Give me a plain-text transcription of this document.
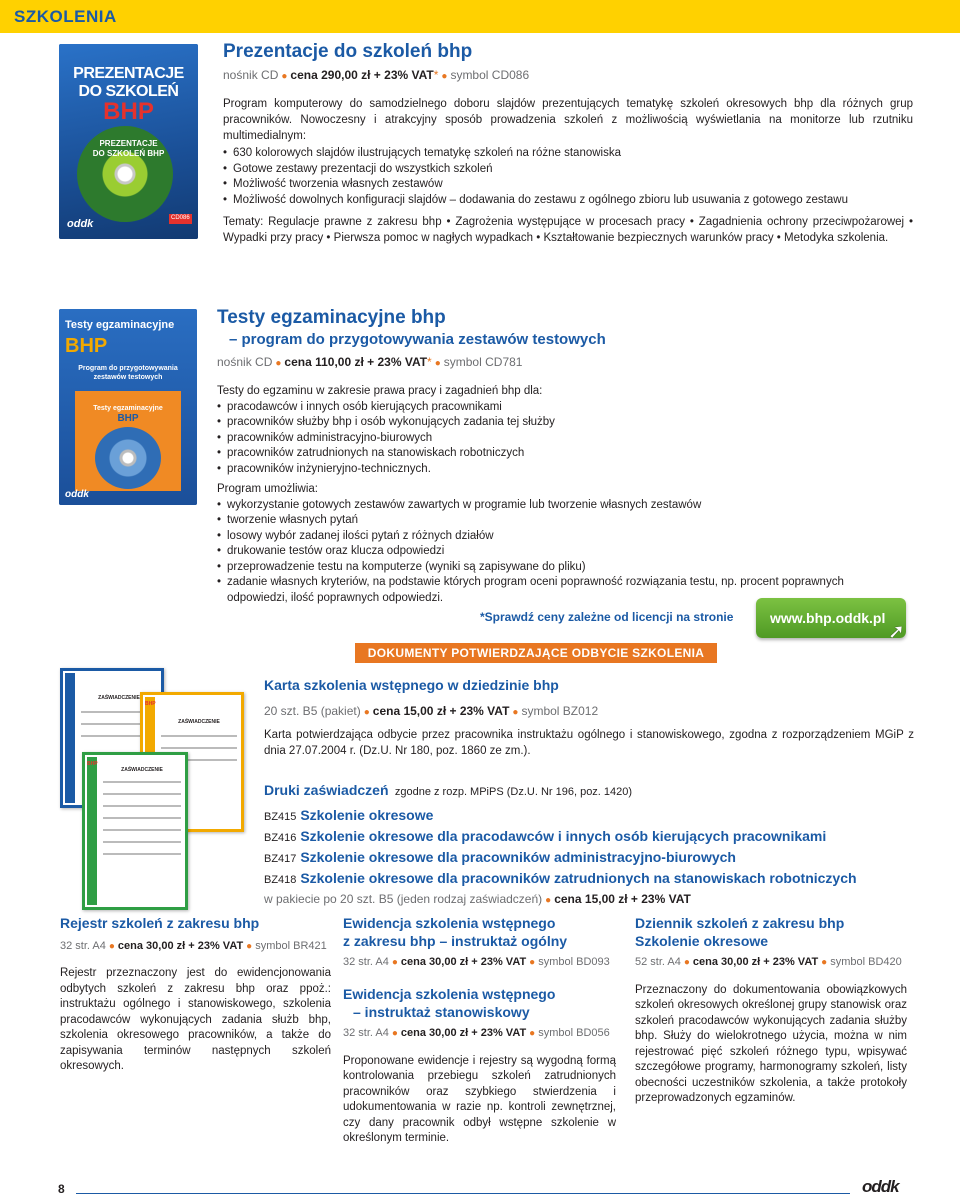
SZKOLENIA
PREZENTACJE
DO SZKOLEŃ
BHP
PREZENTACJE
DO SZKOLEŃ BHP
CD086
oddk
Prezentacje do szkoleń bhp
nośnik CD ● cena 290,00 zł + 23% VAT* ● symbol CD086

Program komputerowy do samodzielnego doboru slajdów prezentujących tematykę szkoleń okresowych bhp dla różnych grup pracowników. Nowoczesny i atrakcyjny sposób prowadzenia szkoleń z możliwością wyświetlania na monitorze lub rzutniku multimedialnym:

• 630 kolorowych slajdów ilustrujących tematykę szkoleń na różne stanowiska
• Gotowe zestawy prezentacji do wszystkich szkoleń
• Możliwość tworzenia własnych zestawów
• Możliwość dowolnych konfiguracji slajdów – dodawania do zestawu z ogólnego zbioru lub usuwania z gotowego zestawu

Tematy: Regulacje prawne z zakresu bhp • Zagrożenia występujące w procesach pracy • Zagadnienia ochrony przeciwpożarowej • Wypadki przy pracy • Pierwsza pomoc w nagłych wypadkach • Kształtowanie bezpiecznych warunków pracy • Metodyka szkolenia.

Testy egzaminacyjne
BHP
Program do przygotowywania
zestawów testowych
Testy egzaminacyjne
BHP
oddk
Testy egzaminacyjne bhp
– program do przygotowywania zestawów testowych
nośnik CD ● cena 110,00 zł + 23% VAT* ● symbol CD781

Testy do egzaminu w zakresie prawa pracy i zagadnień bhp dla:

• pracodawców i innych osób kierujących pracownikami
• pracowników służby bhp i osób wykonujących zadania tej służby
• pracowników administracyjno-biurowych
• pracowników zatrudnionych na stanowiskach robotniczych
• pracowników inżynieryjno-technicznych.

Program umożliwia:

• wykorzystanie gotowych zestawów zawartych w programie lub tworzenie własnych zestawów
• tworzenie własnych pytań
• losowy wybór zadanej ilości pytań z różnych działów
• drukowanie testów oraz klucza odpowiedzi
• przeprowadzenie testu na komputerze (wyniki są zapisywane do pliku)
• zadanie własnych kryteriów, na podstawie których program oceni poprawność rozwiązania testu, np. procent poprawnych odpowiedzi, ilość poprawnych odpowiedzi.
*Sprawdź ceny zależne od licencji na stronie	www.bhp.oddk.pl
➚
DOKUMENTY POTWIERDZAJĄCE ODBYCIE SZKOLENIA
ZAŚWIADCZENIE
BHP
ZAŚWIADCZENIE
BHP
ZAŚWIADCZENIE
Karta szkolenia wstępnego w dziedzinie bhp
20 szt. B5 (pakiet) ● cena 15,00 zł + 23% VAT ● symbol BZ012

Karta potwierdzająca odbycie przez pracownika instruktażu ogólnego i stanowiskowego, zgodna z rozporządzeniem MGiP z dnia 27.07.2004 r. (Dz.U. Nr 180, poz. 1860 ze zm.).

Druki zaświadczeń zgodne z rozp. MPiPS (Dz.U. Nr 196, poz. 1420)
BZ415 Szkolenie okresowe
BZ416 Szkolenie okresowe dla pracodawców i innych osób kierujących pracownikami
BZ417 Szkolenie okresowe dla pracowników administracyjno-biurowych
BZ418 Szkolenie okresowe dla pracowników zatrudnionych na stanowiskach robotniczych
w pakiecie po 20 szt. B5 (jeden rodzaj zaświadczeń) ● cena 15,00 zł + 23% VAT
Rejestr szkoleń z zakresu bhp
32 str. A4 ● cena 30,00 zł + 23% VAT ● symbol BR421

Rejestr przeznaczony jest do ewidencjonowania odbytych szkoleń z zakresu bhp oraz ppoż.: instruktażu ogólnego i stanowiskowego, szkolenia pracodawców wykonujących zadania służb bhp, szkolenia okresowego pracowników, a także do zapisywania terminów następnych szkoleń okresowych.

Ewidencja szkolenia wstępnego
z zakresu bhp – instruktaż ogólny
32 str. A4 ● cena 30,00 zł + 23% VAT ● symbol BD093
Ewidencja szkolenia wstępnego
– instruktaż stanowiskowy
32 str. A4 ● cena 30,00 zł + 23% VAT ● symbol BD056

Proponowane ewidencje i rejestry są wygodną formą kontrolowania przebiegu szkoleń zatrudnionych pracowników oraz szybkiego stwierdzenia i udokumentowania w razie np. kontroli zewnętrznej, czy dany pracownik odbył wstępne szkolenie w określonym terminie.

Dziennik szkoleń z zakresu bhp
Szkolenie okresowe
52 str. A4 ● cena 30,00 zł + 23% VAT ● symbol BD420

Przeznaczony do dokumentowania obowiązkowych szkoleń okresowych określonej grupy stanowisk oraz szkoleń pracodawców wykonujących zadania służby bhp. Służy do wielokrotnego użycia, można w nim rejestrować pięć szkoleń różnego typu, wpisywać szczegółowe programy, harmonogramy szkoleń, listy obecności uczestników szkolenia, a także protokoły przeprowadzonych egzaminów.

8	oddk
